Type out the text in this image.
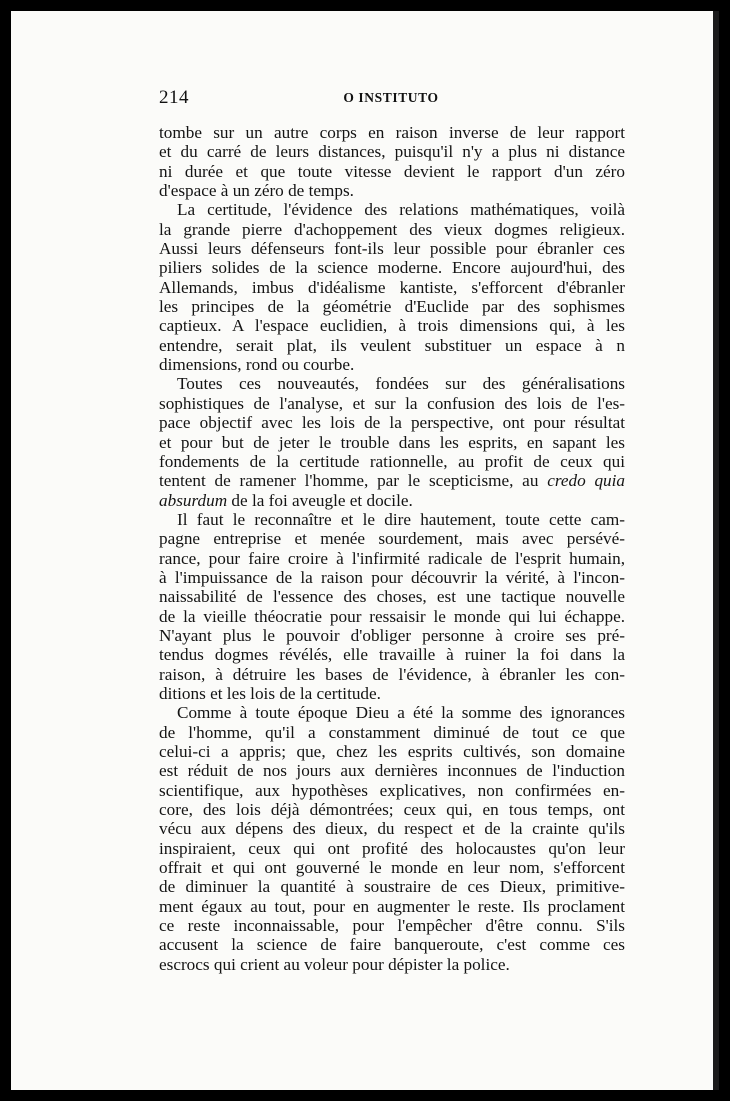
214	O INSTITUTO

tombe sur un autre corps en raison inverse de leur rapport
et du carré de leurs distances, puisqu'il n'y a plus ni distance
ni durée et que toute vitesse devient le rapport d'un zéro
d'espace à un zéro de temps.

La certitude, l'évidence des relations mathématiques, voilà
la grande pierre d'achoppement des vieux dogmes religieux.
Aussi leurs défenseurs font-ils leur possible pour ébranler ces
piliers solides de la science moderne. Encore aujourd'hui, des
Allemands, imbus d'idéalisme kantiste, s'efforcent d'ébranler
les principes de la géométrie d'Euclide par des sophismes
captieux. A l'espace euclidien, à trois dimensions qui, à les
entendre, serait plat, ils veulent substituer un espace à n
dimensions, rond ou courbe.

Toutes ces nouveautés, fondées sur des généralisations
sophistiques de l'analyse, et sur la confusion des lois de l'es-
pace objectif avec les lois de la perspective, ont pour résultat
et pour but de jeter le trouble dans les esprits, en sapant les
fondements de la certitude rationnelle, au profit de ceux qui
tentent de ramener l'homme, par le scepticisme, au credo quia
absurdum de la foi aveugle et docile.

Il faut le reconnaître et le dire hautement, toute cette cam-
pagne entreprise et menée sourdement, mais avec persévé-
rance, pour faire croire à l'infirmité radicale de l'esprit humain,
à l'impuissance de la raison pour découvrir la vérité, à l'incon-
naissabilité de l'essence des choses, est une tactique nouvelle
de la vieille théocratie pour ressaisir le monde qui lui échappe.
N'ayant plus le pouvoir d'obliger personne à croire ses pré-
tendus dogmes révélés, elle travaille à ruiner la foi dans la
raison, à détruire les bases de l'évidence, à ébranler les con-
ditions et les lois de la certitude.

Comme à toute époque Dieu a été la somme des ignorances
de l'homme, qu'il a constamment diminué de tout ce que
celui-ci a appris; que, chez les esprits cultivés, son domaine
est réduit de nos jours aux dernières inconnues de l'induction
scientifique, aux hypothèses explicatives, non confirmées en-
core, des lois déjà démontrées; ceux qui, en tous temps, ont
vécu aux dépens des dieux, du respect et de la crainte qu'ils
inspiraient, ceux qui ont profité des holocaustes qu'on leur
offrait et qui ont gouverné le monde en leur nom, s'efforcent
de diminuer la quantité à soustraire de ces Dieux, primitive-
ment égaux au tout, pour en augmenter le reste. Ils proclament
ce reste inconnaissable, pour l'empêcher d'être connu. S'ils
accusent la science de faire banqueroute, c'est comme ces
escrocs qui crient au voleur pour dépister la police.
